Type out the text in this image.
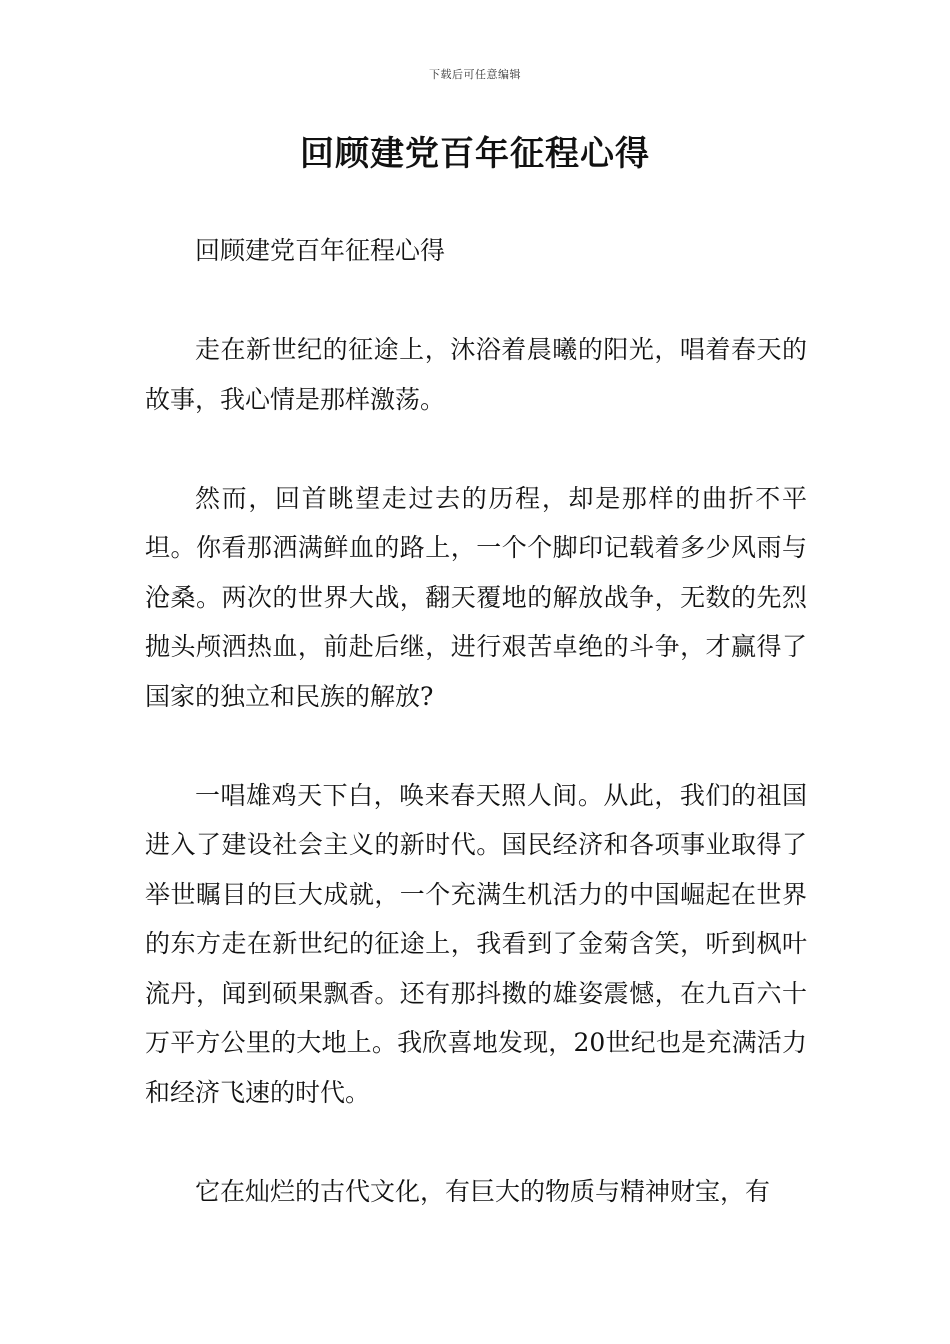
下载后可任意编辑
回顾建党百年征程心得

回顾建党百年征程心得

走在新世纪的征途上，沐浴着晨曦的阳光，唱着春天的故事，我心情是那样激荡。

然而，回首眺望走过去的历程，却是那样的曲折不平坦。你看那洒满鲜血的路上，一个个脚印记载着多少风雨与沧桑。两次的世界大战，翻天覆地的解放战争，无数的先烈抛头颅洒热血，前赴后继，进行艰苦卓绝的斗争，才赢得了国家的独立和民族的解放?

一唱雄鸡天下白，唤来春天照人间。从此，我们的祖国进入了建设社会主义的新时代。国民经济和各项事业取得了举世瞩目的巨大成就，一个充满生机活力的中国崛起在世界的东方走在新世纪的征途上，我看到了金菊含笑，听到枫叶流丹，闻到硕果飘香。还有那抖擞的雄姿震憾，在九百六十万平方公里的大地上。我欣喜地发现，20世纪也是充满活力和经济飞速的时代。

它在灿烂的古代文化，有巨大的物质与精神财宝，有
